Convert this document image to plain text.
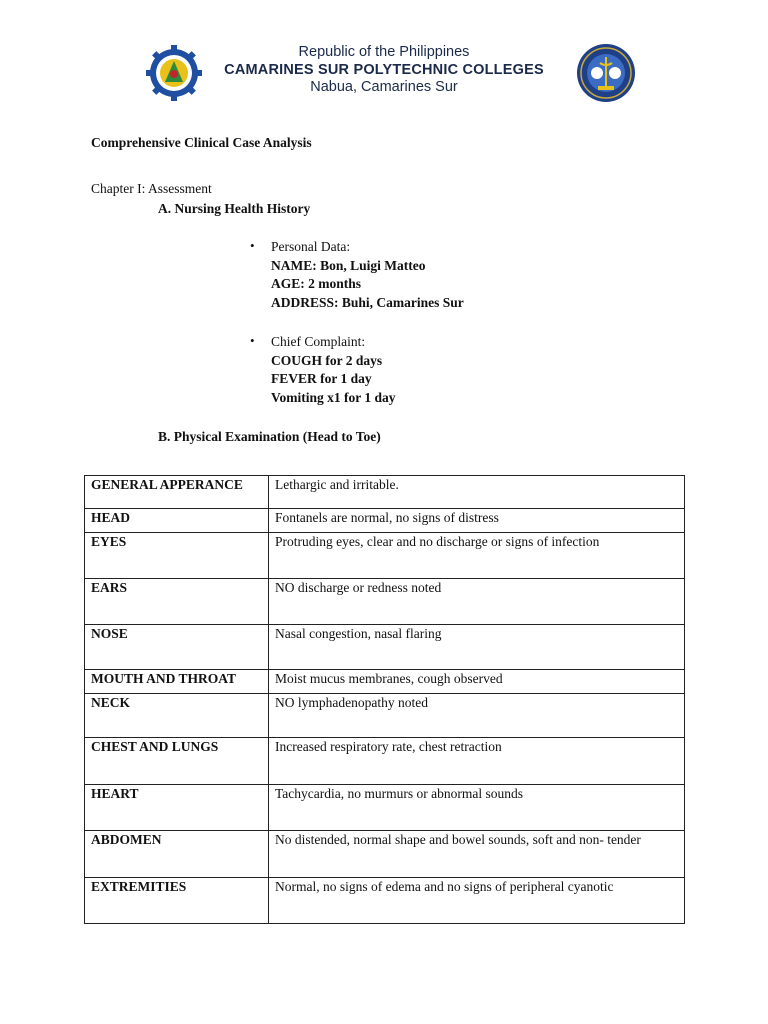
Republic of the Philippines
CAMARINES SUR POLYTECHNIC COLLEGES
Nabua, Camarines Sur
Comprehensive Clinical Case Analysis
Chapter I: Assessment
A. Nursing Health History
• Personal Data:
NAME: Bon, Luigi Matteo
AGE: 2 months
ADDRESS: Buhi, Camarines Sur
• Chief Complaint:
COUGH for 2 days
FEVER for 1 day
Vomiting x1 for 1 day
B. Physical Examination (Head to Toe)
GENERAL APPERANCE	Lethargic and irritable.
HEAD	Fontanels are normal, no signs of distress
EYES	Protruding eyes, clear and no discharge or signs of infection
EARS	NO discharge or redness noted
NOSE	Nasal congestion, nasal flaring
MOUTH AND THROAT	Moist mucus membranes, cough observed
NECK	NO lymphadenopathy noted
CHEST AND LUNGS	Increased respiratory rate, chest retraction
HEART	Tachycardia, no murmurs or abnormal sounds
ABDOMEN	No distended, normal shape and bowel sounds, soft and non- tender
EXTREMITIES	Normal, no signs of edema and no signs of peripheral cyanotic
